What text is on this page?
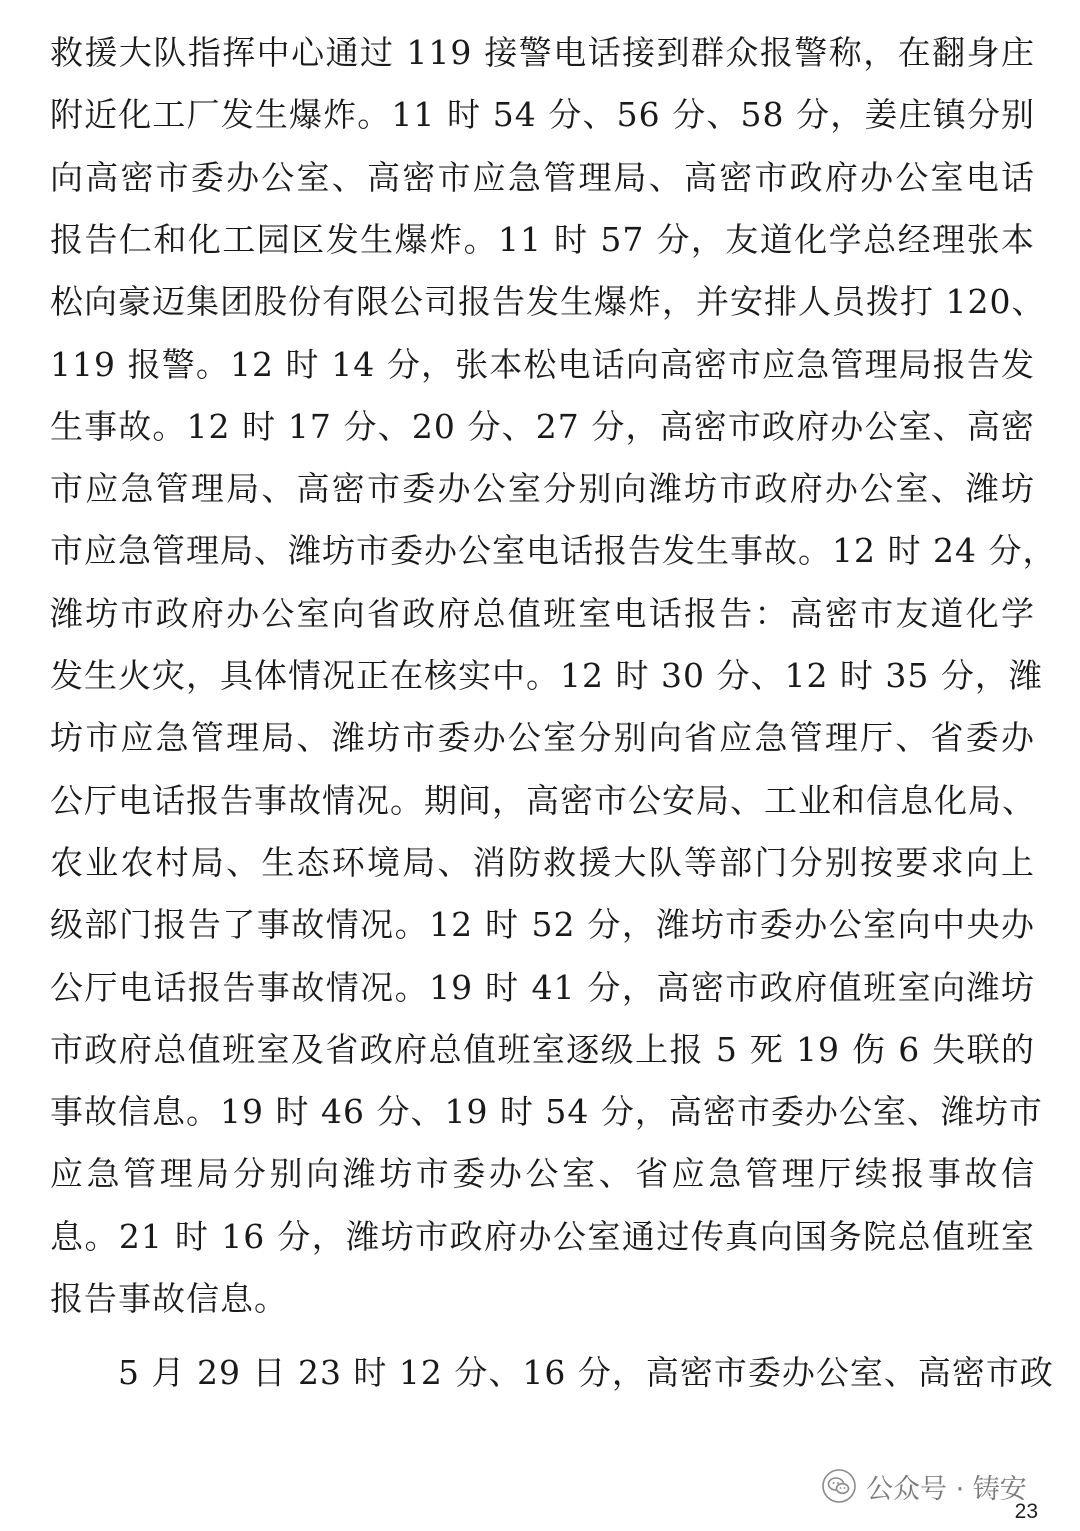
救援大队指挥中心通过 119 接警电话接到群众报警称，在翻身庄
附近化工厂发生爆炸。11 时 54 分、56 分、58 分，姜庄镇分别
向高密市委办公室、高密市应急管理局、高密市政府办公室电话
报告仁和化工园区发生爆炸。11 时 57 分，友道化学总经理张本
松向豪迈集团股份有限公司报告发生爆炸，并安排人员拨打 120、
119 报警。12 时 14 分，张本松电话向高密市应急管理局报告发
生事故。12 时 17 分、20 分、27 分，高密市政府办公室、高密
市应急管理局、高密市委办公室分别向潍坊市政府办公室、潍坊
市应急管理局、潍坊市委办公室电话报告发生事故。12 时 24 分，
潍坊市政府办公室向省政府总值班室电话报告：高密市友道化学
发生火灾，具体情况正在核实中。12 时 30 分、12 时 35 分，潍
坊市应急管理局、潍坊市委办公室分别向省应急管理厅、省委办
公厅电话报告事故情况。期间，高密市公安局、工业和信息化局、
农业农村局、生态环境局、消防救援大队等部门分别按要求向上
级部门报告了事故情况。12 时 52 分，潍坊市委办公室向中央办
公厅电话报告事故情况。19 时 41 分，高密市政府值班室向潍坊
市政府总值班室及省政府总值班室逐级上报 5 死 19 伤 6 失联的
事故信息。19 时 46 分、19 时 54 分，高密市委办公室、潍坊市
应急管理局分别向潍坊市委办公室、省应急管理厅续报事故信
息。21 时 16 分，潍坊市政府办公室通过传真向国务院总值班室
报告事故信息。
5 月 29 日 23 时 12 分、16 分，高密市委办公室、高密市政
公众号 · 铸安
23
